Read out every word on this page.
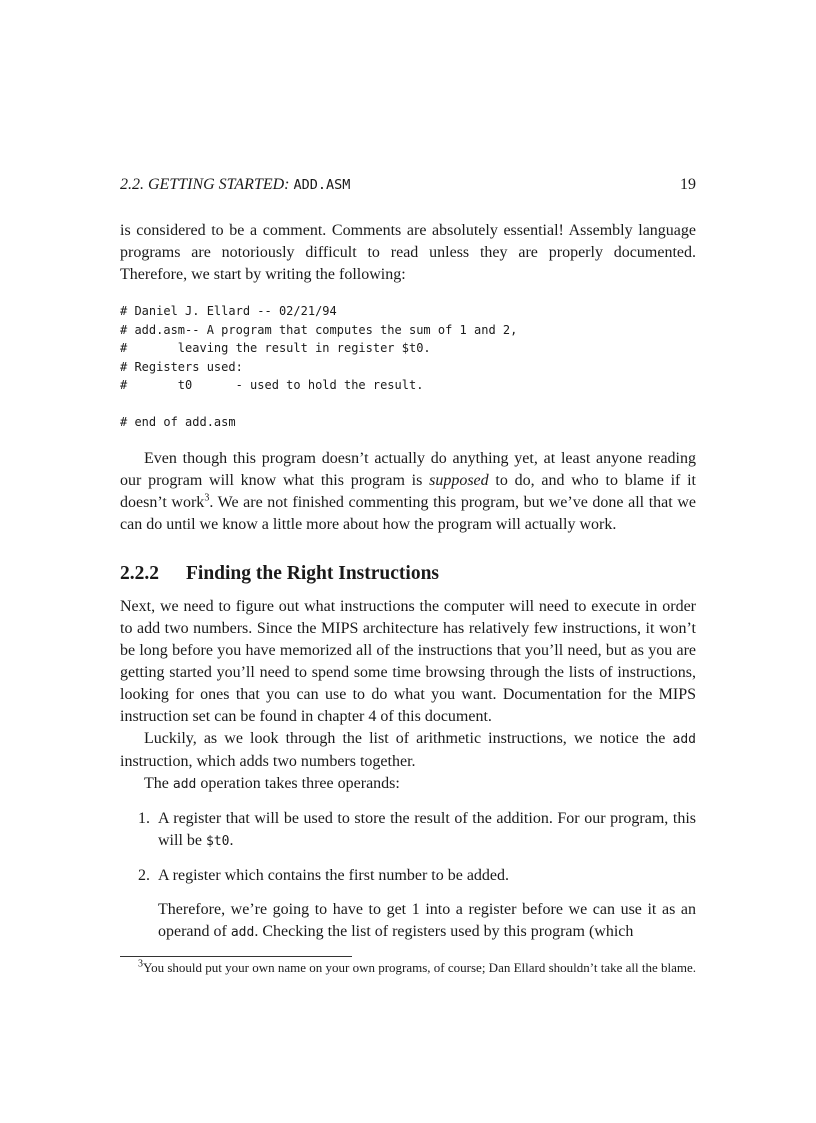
2.2. GETTING STARTED: ADD.ASM	19

is considered to be a comment. Comments are absolutely essential! Assembly language programs are notoriously difficult to read unless they are properly documented. Therefore, we start by writing the following:

# Daniel J. Ellard -- 02/21/94
# add.asm-- A program that computes the sum of 1 and 2,
#       leaving the result in register $t0.
# Registers used:
#       t0      - used to hold the result.
# end of add.asm

Even though this program doesn’t actually do anything yet, at least anyone reading our program will know what this program is supposed to do, and who to blame if it doesn’t work$^3$. We are not finished commenting this program, but we’ve done all that we can do until we know a little more about how the program will actually work.

2.2.2 Finding the Right Instructions

Next, we need to figure out what instructions the computer will need to execute in order to add two numbers. Since the MIPS architecture has relatively few instructions, it won’t be long before you have memorized all of the instructions that you’ll need, but as you are getting started you’ll need to spend some time browsing through the lists of instructions, looking for ones that you can use to do what you want. Documentation for the MIPS instruction set can be found in chapter 4 of this document.

Luckily, as we look through the list of arithmetic instructions, we notice the add instruction, which adds two numbers together.

The add operation takes three operands:

1. A register that will be used to store the result of the addition. For our program, this will be $t0.

2. A register which contains the first number to be added.

Therefore, we’re going to have to get 1 into a register before we can use it as an operand of add. Checking the list of registers used by this program (which

$^3$You should put your own name on your own programs, of course; Dan Ellard shouldn’t take all the blame.
